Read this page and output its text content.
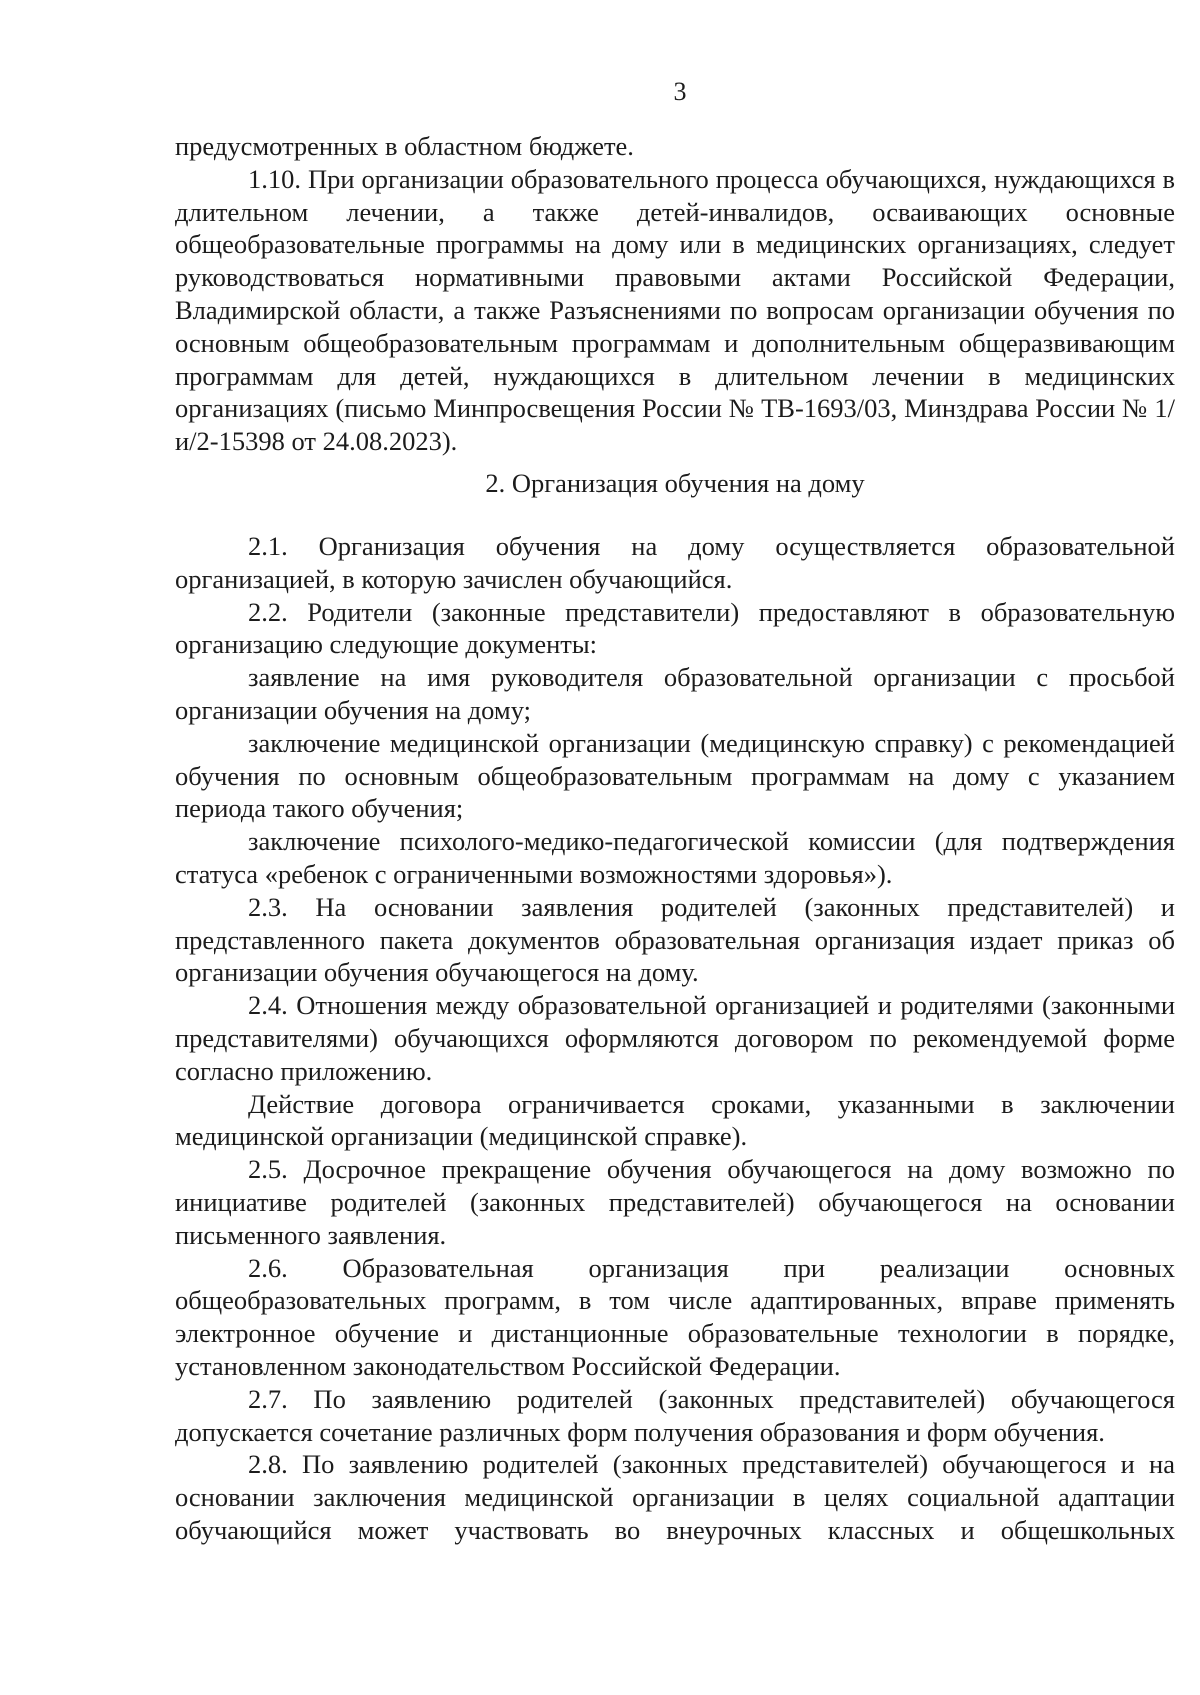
3

предусмотренных в областном бюджете.

1.10. При организации образовательного процесса обучающихся, нуждающихся в длительном лечении, а также детей-инвалидов, осваивающих основные общеобразовательные программы на дому или в медицинских организациях, следует руководствоваться нормативными правовыми актами Российской Федерации, Владимирской области, а также Разъяснениями по вопросам организации обучения по основным общеобразовательным программам и дополнительным общеразвивающим программам для детей, нуждающихся в длительном лечении в медицинских организациях (письмо Минпросвещения России № ТВ-1693/03, Минздрава России № 1/и/2-15398 от 24.08.2023).

2. Организация обучения на дому

2.1. Организация обучения на дому осуществляется образовательной организацией, в которую зачислен обучающийся.

2.2. Родители (законные представители) предоставляют в образовательную организацию следующие документы:

заявление на имя руководителя образовательной организации с просьбой организации обучения на дому;

заключение медицинской организации (медицинскую справку) с рекомендацией обучения по основным общеобразовательным программам на дому с указанием периода такого обучения;

заключение психолого-медико-педагогической комиссии (для подтверждения статуса «ребенок с ограниченными возможностями здоровья»).

2.3. На основании заявления родителей (законных представителей) и представленного пакета документов образовательная организация издает приказ об организации обучения обучающегося на дому.

2.4. Отношения между образовательной организацией и родителями (законными представителями) обучающихся оформляются договором по рекомендуемой форме согласно приложению.

Действие договора ограничивается сроками, указанными в заключении медицинской организации (медицинской справке).

2.5. Досрочное прекращение обучения обучающегося на дому возможно по инициативе родителей (законных представителей) обучающегося на основании письменного заявления.

2.6. Образовательная организация при реализации основных общеобразовательных программ, в том числе адаптированных, вправе применять электронное обучение и дистанционные образовательные технологии в порядке, установленном законодательством Российской Федерации.

2.7. По заявлению родителей (законных представителей) обучающегося допускается сочетание различных форм получения образования и форм обучения.

2.8. По заявлению родителей (законных представителей) обучающегося и на основании заключения медицинской организации в целях социальной адаптации обучающийся может участвовать во внеурочных классных и общешкольных
